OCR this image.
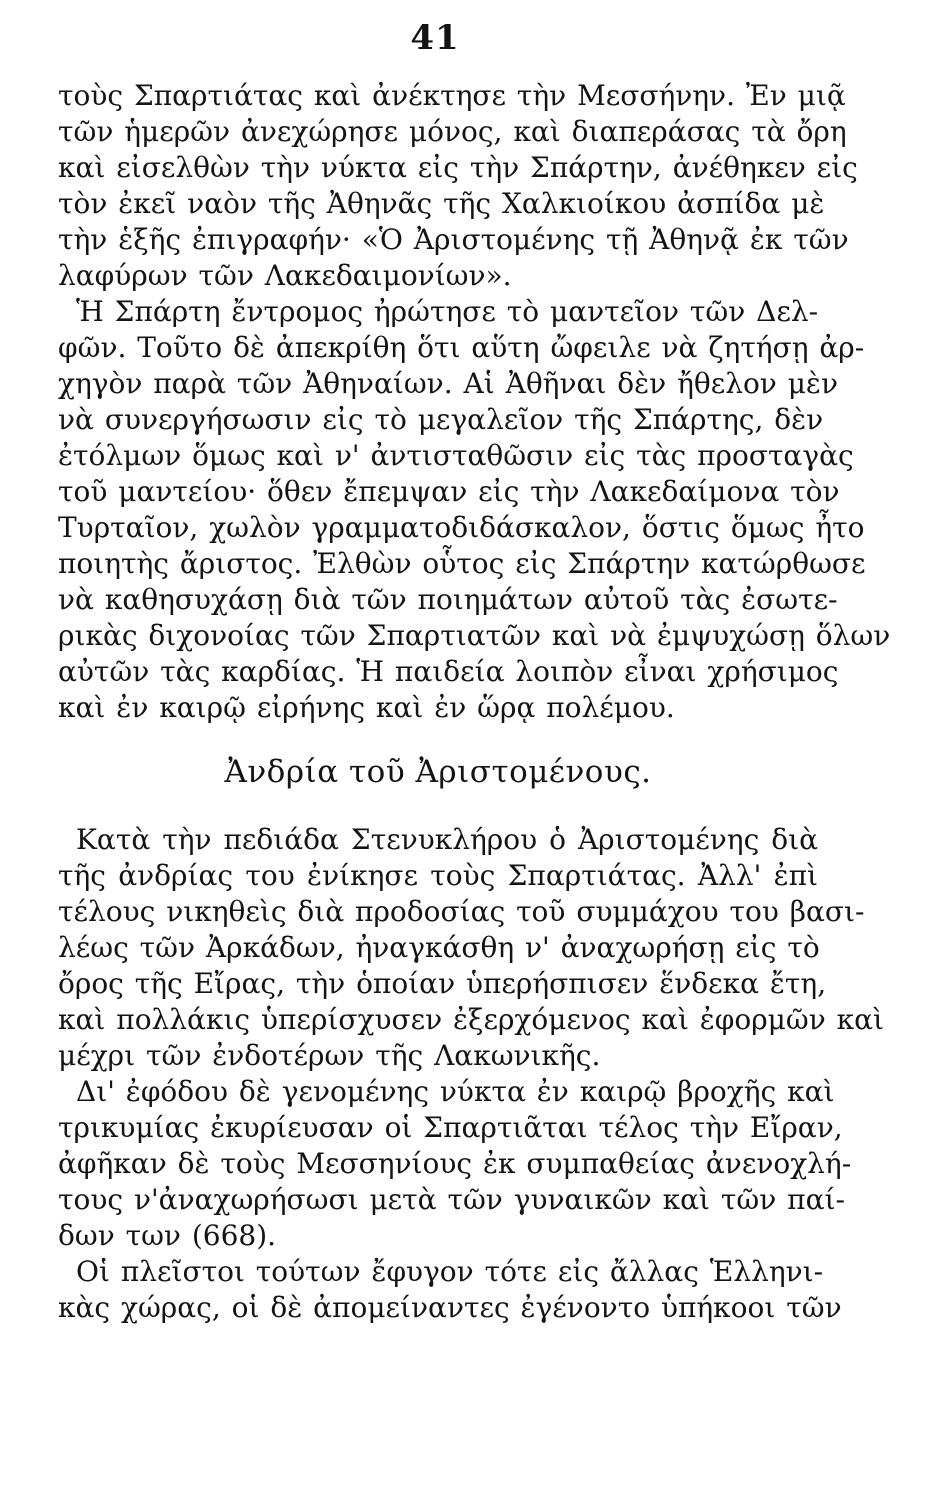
41
τοὺς Σπαρτιάτας καὶ ἀνέκτησε τὴν Μεσσήνην. Ἐν μιᾷ
τῶν ἡμερῶν ἀνεχώρησε μόνος, καὶ διαπεράσας τὰ ὄρη
καὶ εἰσελθὼν τὴν νύκτα εἰς τὴν Σπάρτην, ἀνέθηκεν εἰς
τὸν ἐκεῖ ναὸν τῆς Ἀθηνᾶς τῆς Χαλκιοίκου ἀσπίδα μὲ
τὴν ἑξῆς ἐπιγραφήν· «Ὁ Ἀριστομένης τῇ Ἀθηνᾷ ἐκ τῶν
λαφύρων τῶν Λακεδαιμονίων».
Ἡ Σπάρτη ἔντρομος ἠρώτησε τὸ μαντεῖον τῶν Δελ-
φῶν. Τοῦτο δὲ ἀπεκρίθη ὅτι αὕτη ὤφειλε νὰ ζητήσῃ ἀρ-
χηγὸν παρὰ τῶν Ἀθηναίων. Αἱ Ἀθῆναι δὲν ἤθελον μὲν
νὰ συνεργήσωσιν εἰς τὸ μεγαλεῖον τῆς Σπάρτης, δὲν
ἐτόλμων ὅμως καὶ ν' ἀντισταθῶσιν εἰς τὰς προσταγὰς
τοῦ μαντείου· ὅθεν ἔπεμψαν εἰς τὴν Λακεδαίμονα τὸν
Τυρταῖον, χωλὸν γραμματοδιδάσκαλον, ὅστις ὅμως ἦτο
ποιητὴς ἄριστος. Ἐλθὼν οὗτος εἰς Σπάρτην κατώρθωσε
νὰ καθησυχάσῃ διὰ τῶν ποιημάτων αὐτοῦ τὰς ἐσωτε-
ρικὰς διχονοίας τῶν Σπαρτιατῶν καὶ νὰ ἐμψυχώσῃ ὅλων
αὐτῶν τὰς καρδίας. Ἡ παιδεία λοιπὸν εἶναι χρήσιμος
καὶ ἐν καιρῷ εἰρήνης καὶ ἐν ὥρᾳ πολέμου.
Ἀνδρία τοῦ Ἀριστομένους.
Κατὰ τὴν πεδιάδα Στενυκλήρου ὁ Ἀριστομένης διὰ
τῆς ἀνδρίας του ἐνίκησε τοὺς Σπαρτιάτας. Ἀλλ' ἐπὶ
τέλους νικηθεὶς διὰ προδοσίας τοῦ συμμάχου του βασι-
λέως τῶν Ἀρκάδων, ἠναγκάσθη ν' ἀναχωρήσῃ εἰς τὸ
ὄρος τῆς Εἴρας, τὴν ὁποίαν ὑπερήσπισεν ἕνδεκα ἔτη,
καὶ πολλάκις ὑπερίσχυσεν ἐξερχόμενος καὶ ἐφορμῶν καὶ
μέχρι τῶν ἐνδοτέρων τῆς Λακωνικῆς.
Δι' ἐφόδου δὲ γενομένης νύκτα ἐν καιρῷ βροχῆς καὶ
τρικυμίας ἐκυρίευσαν οἱ Σπαρτιᾶται τέλος τὴν Εἴραν,
ἀφῆκαν δὲ τοὺς Μεσσηνίους ἐκ συμπαθείας ἀνενοχλή-
τους ν'ἀναχωρήσωσι μετὰ τῶν γυναικῶν καὶ τῶν παί-
δων των (668).
Οἱ πλεῖστοι τούτων ἔφυγον τότε εἰς ἄλλας Ἑλληνι-
κὰς χώρας, οἱ δὲ ἀπομείναντες ἐγένοντο ὑπήκοοι τῶν
